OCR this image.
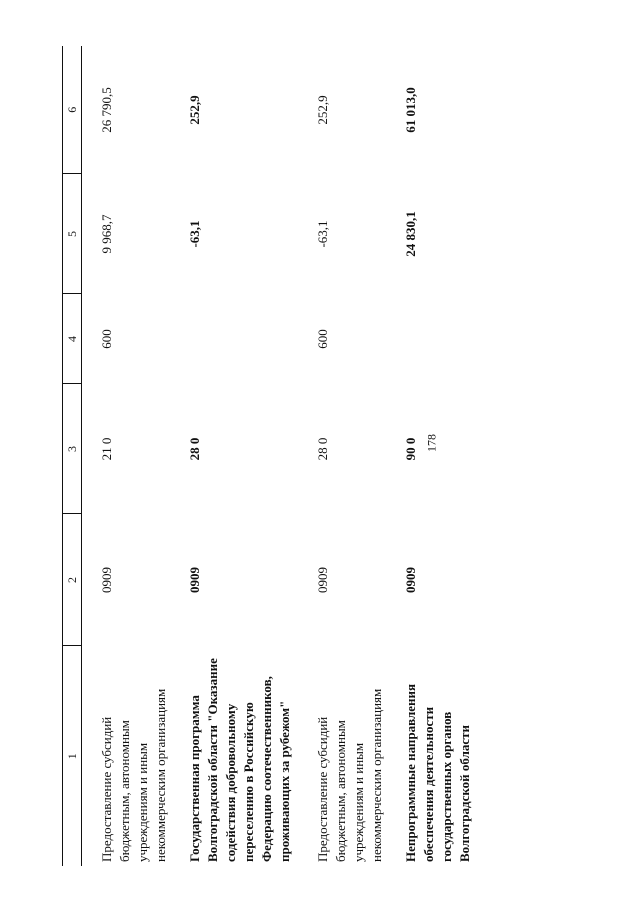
178
1	2	3	4	5	6
Предоставление субсидий бюджетным, автономным учреждениям и иным некоммерческим организациям	0909	21 0	600	9 968,7	26 790,5
Государственная программа Волгоградской области "Оказание содействия добровольному переселению в Российскую Федерацию соотечественников, проживающих за рубежом"	0909	28 0		-63,1	252,9
Предоставление субсидий бюджетным, автономным учреждениям и иным некоммерческим организациям	0909	28 0	600	-63,1	252,9
Непрограммные направления обеспечения деятельности государственных органов Волгоградской области	0909	90 0		24 830,1	61 013,0
